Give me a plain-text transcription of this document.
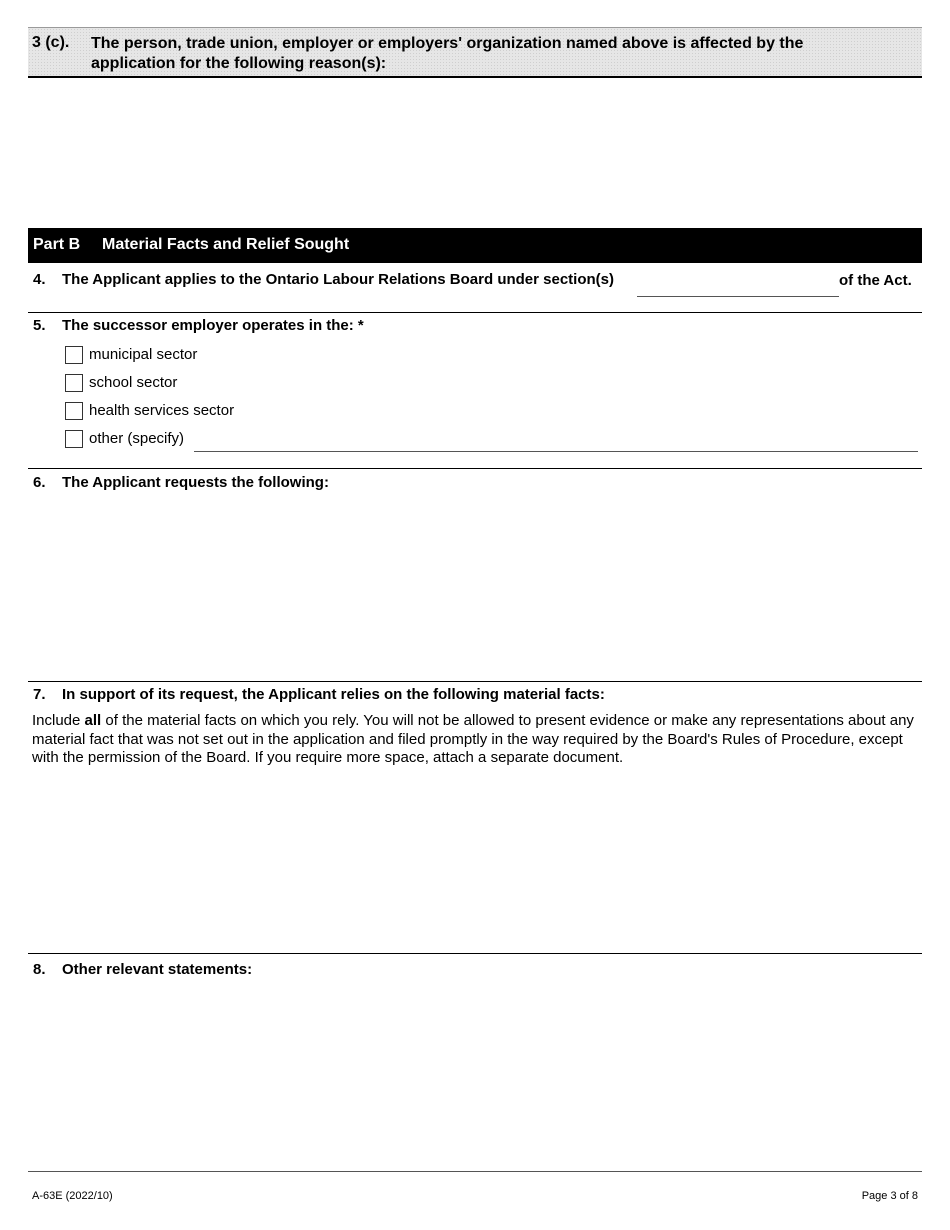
3 (c). The person, trade union, employer or employers' organization named above is affected by the application for the following reason(s):
Part B Material Facts and Relief Sought
4. The Applicant applies to the Ontario Labour Relations Board under section(s)	of the Act.
5. The successor employer operates in the: *
municipal sector
school sector
health services sector
other (specify)
6. The Applicant requests the following:
7. In support of its request, the Applicant relies on the following material facts:

Include all of the material facts on which you rely. You will not be allowed to present evidence or make any representations about any material fact that was not set out in the application and filed promptly in the way required by the Board's Rules of Procedure, except with the permission of the Board. If you require more space, attach a separate document.

8. Other relevant statements:
A-63E (2022/10)	Page 3 of 8
